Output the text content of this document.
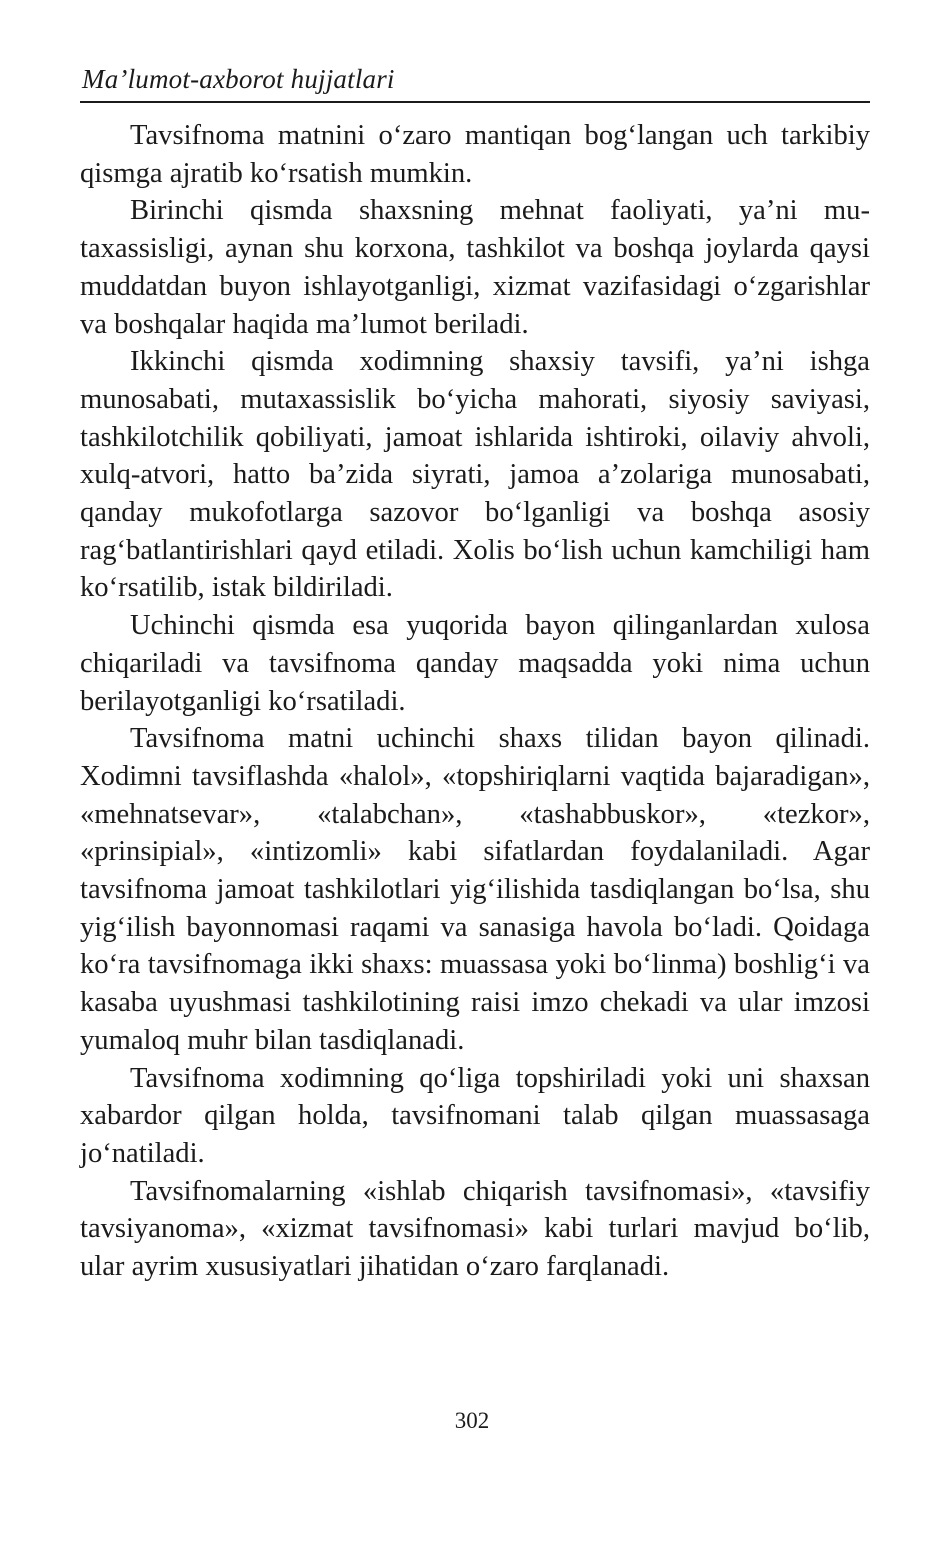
Ma’lumot-axborot hujjatlari

Tavsifnoma matnini o‘zaro mantiqan bog‘langan uch tarkibiy qismga ajratib ko‘rsatish mumkin.

Birinchi qismda shaxsning mehnat faoliyati, ya’ni mutaxassisligi, aynan shu korxona, tashkilot va boshqa joylarda qaysi muddatdan buyon ishlayotganligi, xizmat vazifasidagi o‘zgarishlar va boshqalar haqida ma’lumot beriladi.

Ikkinchi qismda xodimning shaxsiy tavsifi, ya’ni ishga munosabati, mutaxassislik bo‘yicha mahorati, siyosiy saviyasi, tashkilotchilik qobiliyati, jamoat ishlarida ishtiroki, oilaviy ahvoli, xulq-atvori, hatto ba’zida siyrati, jamoa a’zolariga munosabati, qanday mukofotlarga sazovor bo‘lganligi va boshqa asosiy rag‘batlantirishlari qayd etiladi. Xolis bo‘lish uchun kamchiligi ham ko‘rsatilib, istak bildiriladi.

Uchinchi qismda esa yuqorida bayon qilinganlardan xulosa chiqariladi va tavsifnoma qanday maqsadda yoki nima uchun berilayotganligi ko‘rsatiladi.

Tavsifnoma matni uchinchi shaxs tilidan bayon qilinadi. Xodimni tavsiflashda «halol», «topshiriqlarni vaqtida bajaradigan», «mehnatsevar», «talabchan», «tashabbuskor», «tezkor», «prinsipial», «intizomli» kabi sifatlardan foydalaniladi. Agar tavsifnoma jamoat tashkilotlari yig‘ilishida tasdiqlangan bo‘lsa, shu yig‘ilish bayonnomasi raqami va sanasiga havola bo‘ladi. Qoidaga ko‘ra tavsifnomaga ikki shaxs: muassasa yoki bo‘linma) boshlig‘i va kasaba uyushmasi tashkilotining raisi imzo chekadi va ular imzosi yumaloq muhr bilan tasdiqlanadi.

Tavsifnoma xodimning qo‘liga topshiriladi yoki uni shaxsan xabardor qilgan holda, tavsifnomani talab qilgan muassasaga jo‘natiladi.

Tavsifnomalarning «ishlab chiqarish tavsifnomasi», «tavsifiy tavsiyanoma», «xizmat tavsifnomasi» kabi turlari mavjud bo‘lib, ular ayrim xususiyatlari jihatidan o‘zaro farqlanadi.

302
